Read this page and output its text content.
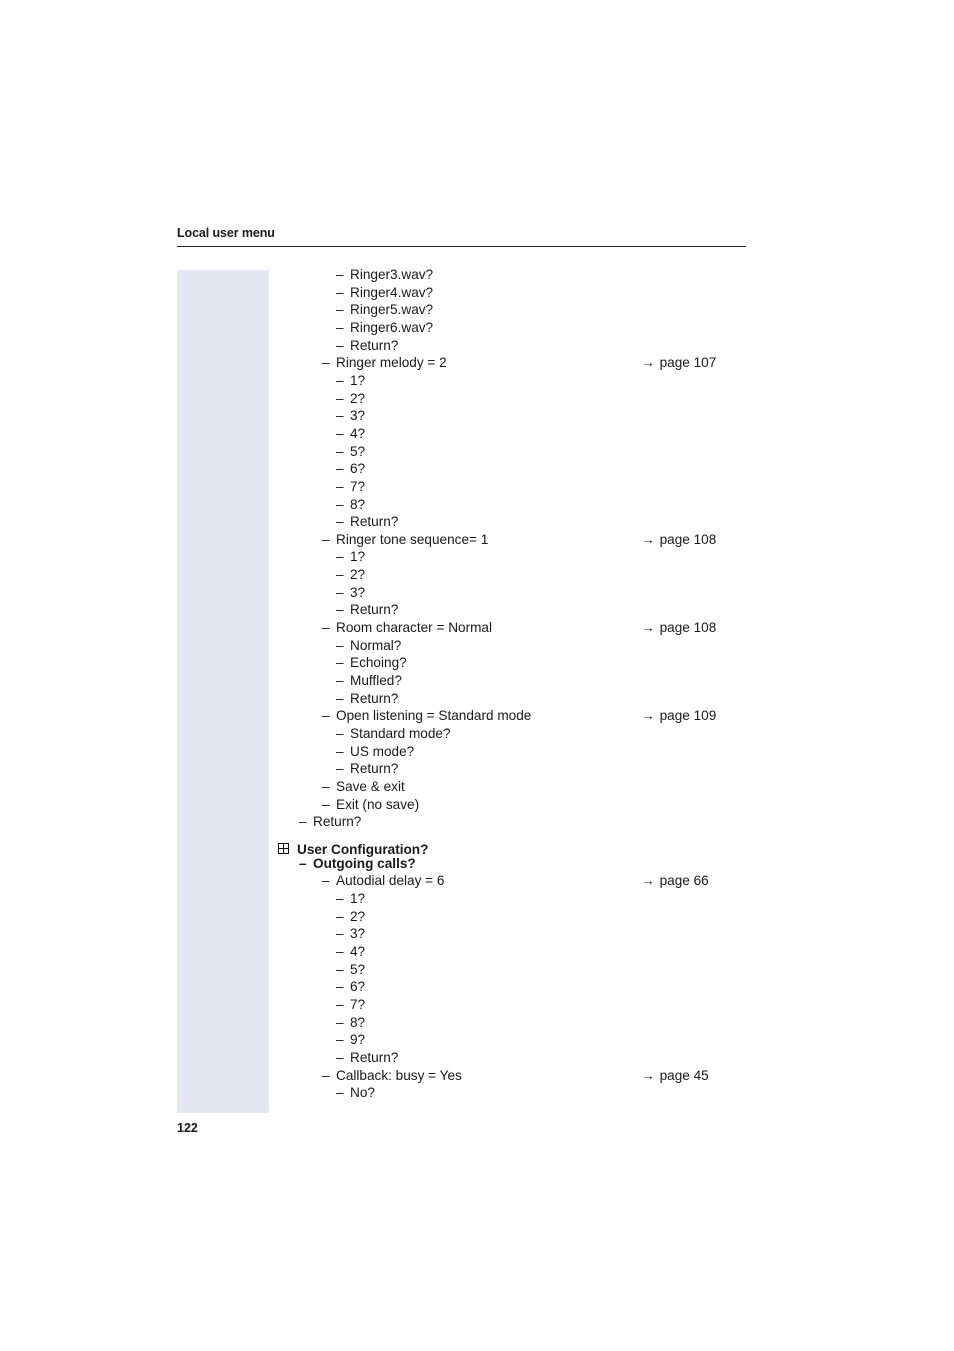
Local user menu
– Ringer3.wav?
– Ringer4.wav?
– Ringer5.wav?
– Ringer6.wav?
– Return?
– Ringer melody = 2	→ page 107
– 1?
– 2?
– 3?
– 4?
– 5?
– 6?
– 7?
– 8?
– Return?
– Ringer tone sequence= 1	→ page 108
– 1?
– 2?
– 3?
– Return?
– Room character = Normal	→ page 108
– Normal?
– Echoing?
– Muffled?
– Return?
– Open listening = Standard mode	→ page 109
– Standard mode?
– US mode?
– Return?
– Save & exit
– Exit (no save)
– Return?
User Configuration?
– Outgoing calls?
– Autodial delay = 6	→ page 66
– 1?
– 2?
– 3?
– 4?
– 5?
– 6?
– 7?
– 8?
– 9?
– Return?
– Callback: busy = Yes	→ page 45
– No?
122
